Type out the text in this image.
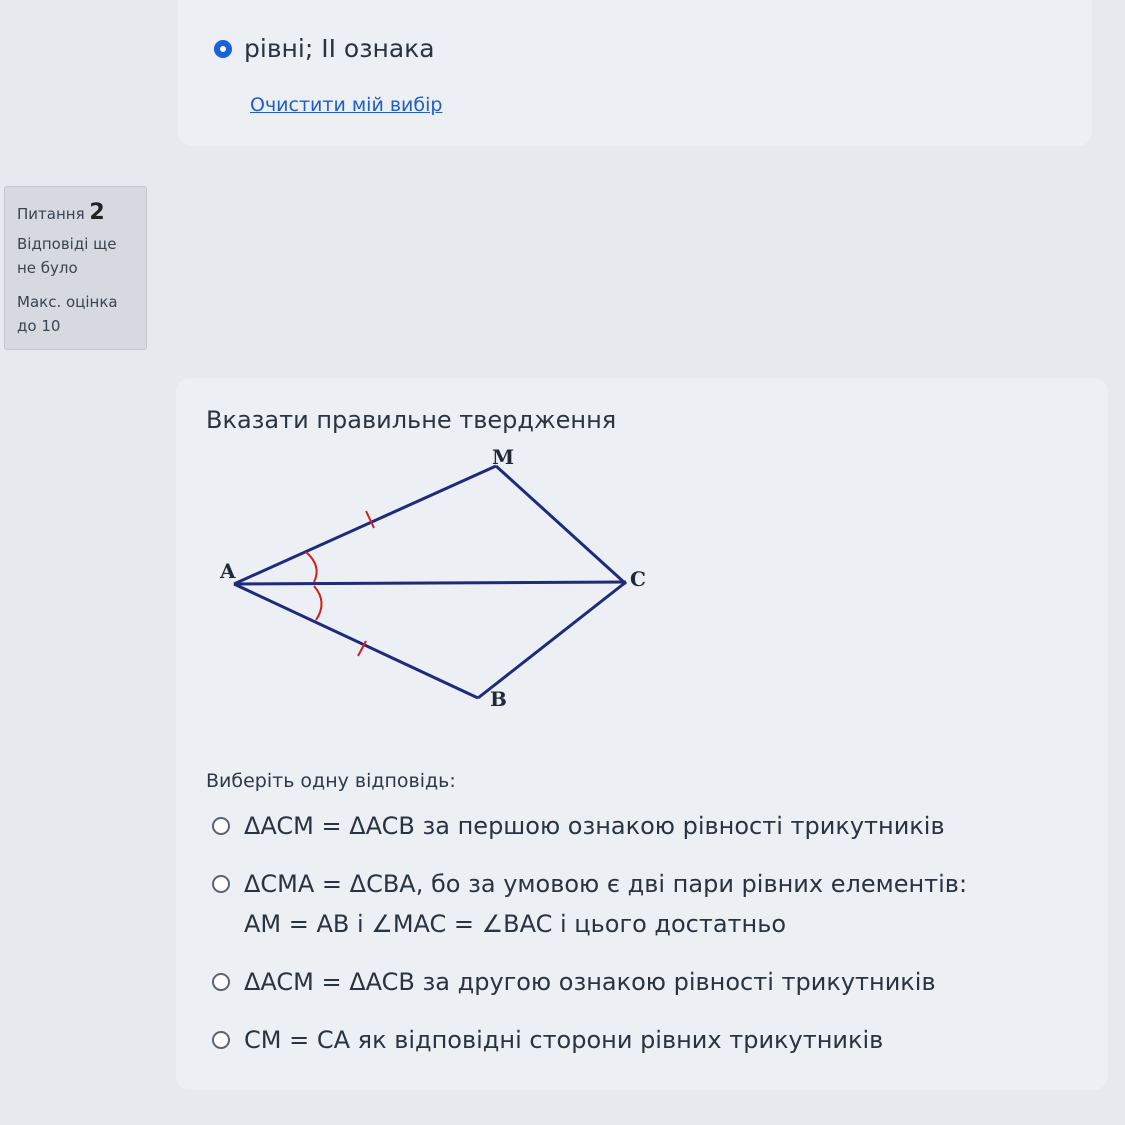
рівні; II ознака
Очистити мій вибір
Питання 2
Відповіді ще не було
Макс. оцінка до 10
Вказати правильне твердження
M
A	C
B
Виберіть одну відповідь:
ΔACM = ΔACB за першою ознакою рівності трикутників
ΔCMA = ΔCBA, бо за умовою є дві пари рівних елементів:
AM = AB і ∠MAC = ∠BAC і цього достатньо
ΔACM = ΔACB за другою ознакою рівності трикутників
CM = CA як відповідні сторони рівних трикутників
